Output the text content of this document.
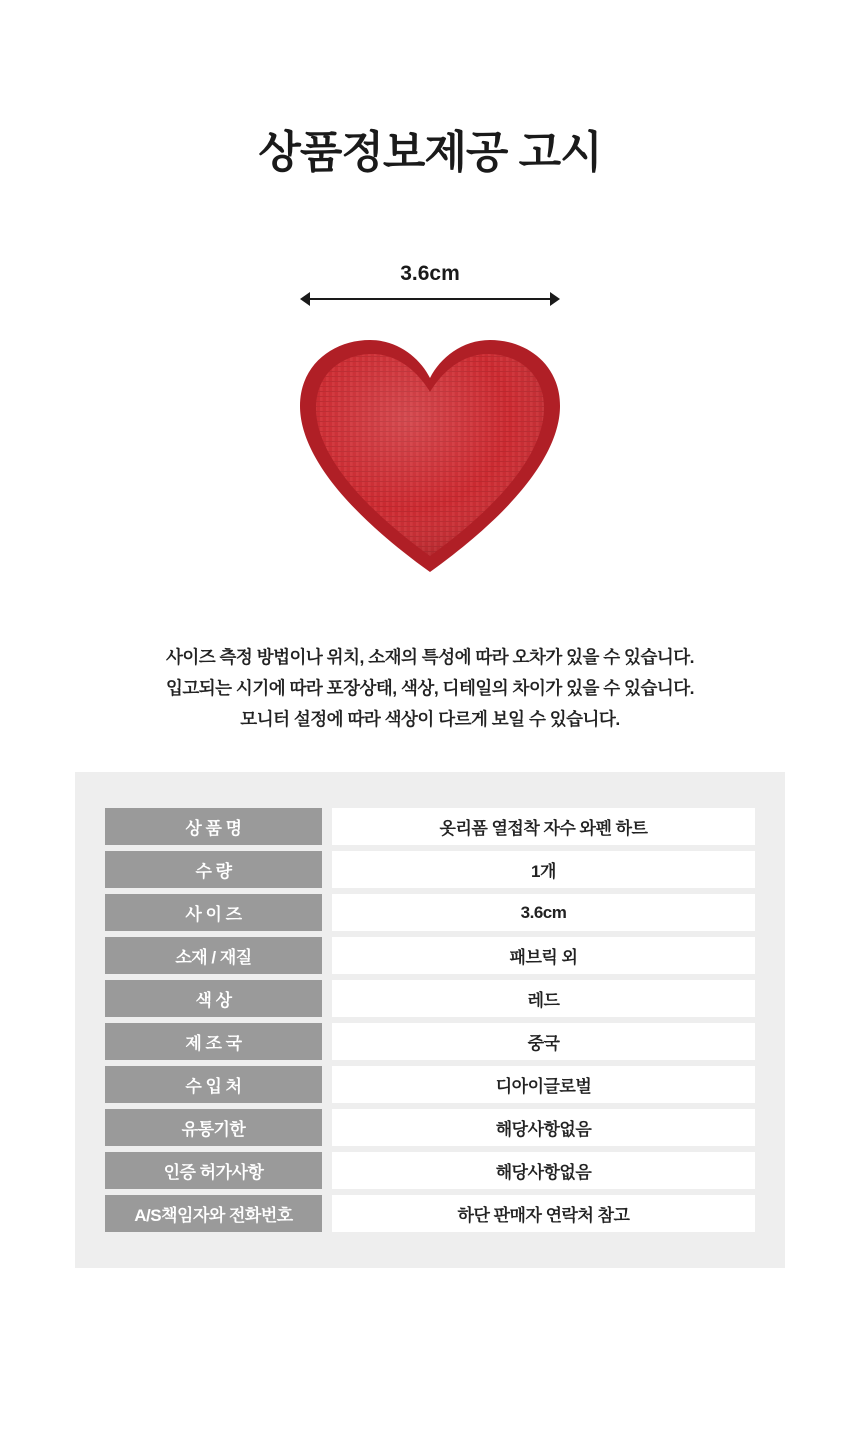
상품정보제공 고시
3.6cm
사이즈 측정 방법이나 위치, 소재의 특성에 따라 오차가 있을 수 있습니다.
입고되는 시기에 따라 포장상태, 색상, 디테일의 차이가 있을 수 있습니다.
모니터 설정에 따라 색상이 다르게 보일 수 있습니다.
상 품 명		옷리폼 열접착 자수 와펜 하트
수 량		1개
사 이 즈		3.6cm
소재 / 재질		패브릭 외
색 상		레드
제 조 국		중국
수 입 처		디아이글로벌
유통기한		해당사항없음
인증 허가사항		해당사항없음
A/S책임자와 전화번호		하단 판매자 연락처 참고
